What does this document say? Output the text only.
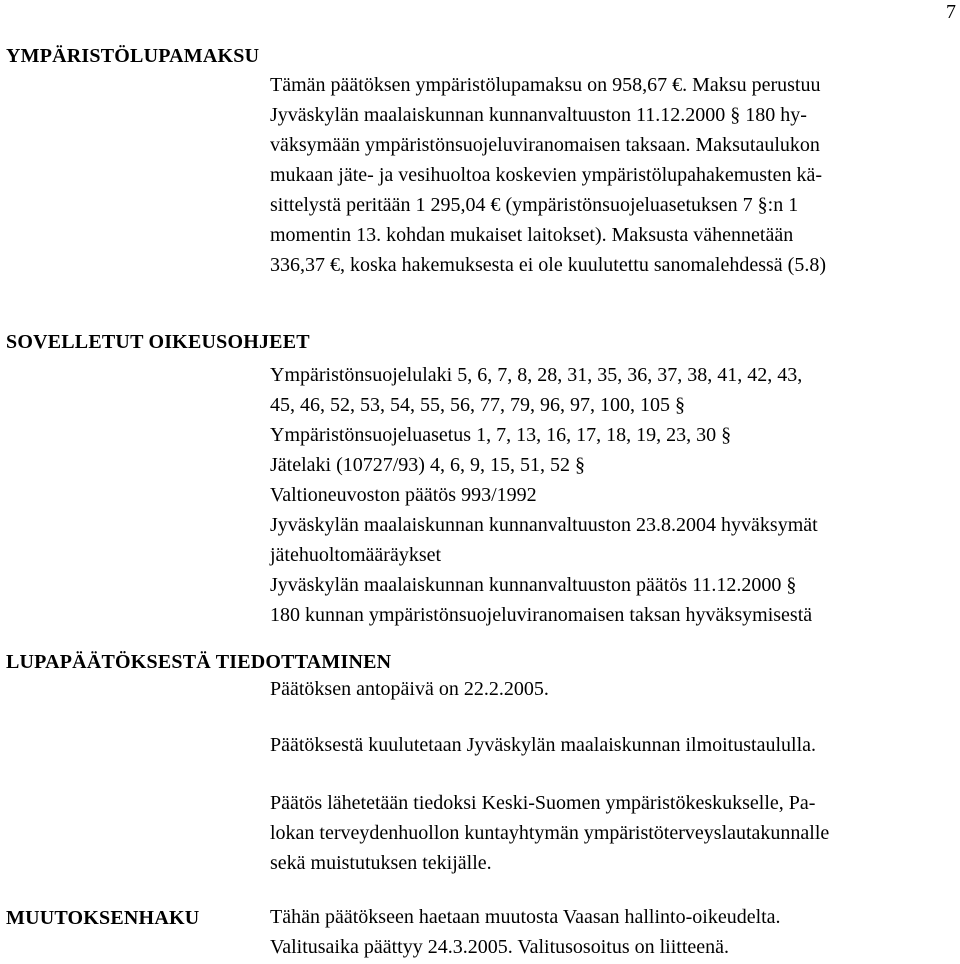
7
YMPÄRISTÖLUPAMAKSU
Tämän päätöksen ympäristölupamaksu on 958,67 €. Maksu perustuu
Jyväskylän maalaiskunnan kunnanvaltuuston 11.12.2000 § 180 hy-
väksymään ympäristönsuojeluviranomaisen taksaan. Maksutaulukon
mukaan jäte- ja vesihuoltoa koskevien ympäristölupahakemusten kä-
sittelystä peritään 1 295,04 € (ympäristönsuojeluasetuksen 7 §:n 1
momentin 13. kohdan mukaiset laitokset). Maksusta vähennetään
336,37 €, koska hakemuksesta ei ole kuulutettu sanomalehdessä (5.8)
SOVELLETUT OIKEUSOHJEET
Ympäristönsuojelulaki 5, 6, 7, 8, 28, 31, 35, 36, 37, 38, 41, 42, 43,
45, 46, 52, 53, 54, 55, 56, 77, 79, 96, 97, 100, 105 §
Ympäristönsuojeluasetus 1, 7, 13, 16, 17, 18, 19, 23, 30 §
Jätelaki (10727/93) 4, 6, 9, 15, 51, 52 §
Valtioneuvoston päätös 993/1992
Jyväskylän maalaiskunnan kunnanvaltuuston 23.8.2004 hyväksymät
jätehuoltomääräykset
Jyväskylän maalaiskunnan kunnanvaltuuston päätös 11.12.2000 §
180 kunnan ympäristönsuojeluviranomaisen taksan hyväksymisestä
LUPAPÄÄTÖKSESTÄ TIEDOTTAMINEN
Päätöksen antopäivä on 22.2.2005.
Päätöksestä kuulutetaan Jyväskylän maalaiskunnan ilmoitustaululla.
Päätös lähetetään tiedoksi Keski-Suomen ympäristökeskukselle, Pa-
lokan terveydenhuollon kuntayhtymän ympäristöterveyslautakunnalle
sekä muistutuksen tekijälle.
MUUTOKSENHAKU	Tähän päätökseen haetaan muutosta Vaasan hallinto-oikeudelta.
Valitusaika päättyy 24.3.2005. Valitusosoitus on liitteenä.
